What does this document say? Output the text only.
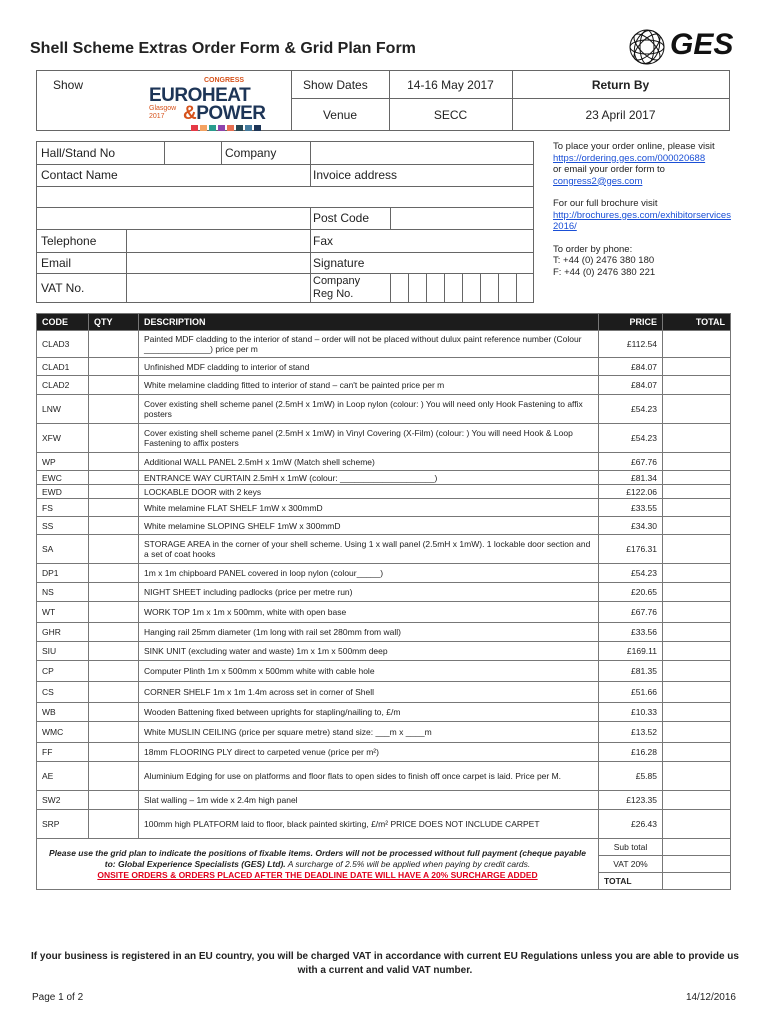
Shell Scheme Extras Order Form & Grid Plan Form	GES
Show	CONGRESS
EUROHEAT
Glasgow
2017 &POWER
Show Dates	14-16 May 2017	Return By
Venue	SECC	23 April 2017
Hall/Stand No	Company
Contact Name	Invoice address
Post Code
Telephone	Fax
Email	Signature
VAT No.	Company
Reg No.

To place your order online, please visit
https://ordering.ges.com/000020688
or email your order form to
congress2@ges.com

For our full brochure visit
http://brochures.ges.com/exhibitorservices2016/

To order by phone:
T: +44 (0) 2476 380 180
F: +44 (0) 2476 380 221

CODE	QTY	DESCRIPTION	PRICE	TOTAL
CLAD3		Painted MDF cladding to the interior of stand – order will not be placed without dulux paint reference number (Colour ______________) price per m	£112.54	
CLAD1		Unfinished MDF cladding to interior of stand	£84.07	
CLAD2		White melamine cladding fitted to interior of stand – can't be painted price per m	£84.07	
LNW		Cover existing shell scheme panel (2.5mH x 1mW) in Loop nylon (colour: ) You will need only Hook Fastening to affix posters	£54.23	
XFW		Cover existing shell scheme panel (2.5mH x 1mW) in Vinyl Covering (X-Film) (colour: ) You will need Hook & Loop Fastening to affix posters	£54.23	
WP		Additional WALL PANEL 2.5mH x 1mW (Match shell scheme)	£67.76	
EWC		ENTRANCE WAY CURTAIN 2.5mH x 1mW (colour: ____________________)	£81.34	
EWD		LOCKABLE DOOR with 2 keys	£122.06	
FS		White melamine FLAT SHELF 1mW x 300mmD	£33.55	
SS		White melamine SLOPING SHELF 1mW x 300mmD	£34.30	
SA		STORAGE AREA in the corner of your shell scheme. Using 1 x wall panel (2.5mH x 1mW). 1 lockable door section and a set of coat hooks	£176.31	
DP1		1m x 1m chipboard PANEL covered in loop nylon (colour_____)	£54.23	
NS		NIGHT SHEET including padlocks (price per metre run)	£20.65	
WT		WORK TOP 1m x 1m x 500mm, white with open base	£67.76	
GHR		Hanging rail 25mm diameter (1m long with rail set 280mm from wall)	£33.56	
SIU		SINK UNIT (excluding water and waste) 1m x 1m x 500mm deep	£169.11	
CP		Computer Plinth 1m x 500mm x 500mm white with cable hole	£81.35	
CS		CORNER SHELF 1m x 1m 1.4m across set in corner of Shell	£51.66	
WB		Wooden Battening fixed between uprights for stapling/nailing to, £/m	£10.33	
WMC		White MUSLIN CEILING (price per square metre) stand size: ___m x ____m	£13.52	
FF		18mm FLOORING PLY direct to carpeted venue (price per m²)	£16.28	
AE		Aluminium Edging for use on platforms and floor flats to open sides to finish off once carpet is laid. Price per M.	£5.85	
SW2		Slat walling – 1m wide x 2.4m high panel	£123.35	
SRP		100mm high PLATFORM laid to floor, black painted skirting, £/m² PRICE DOES NOT INCLUDE CARPET	£26.43	
Please use the grid plan to indicate the positions of fixable items. Orders will not be processed without full payment (cheque payable to: Global Experience Specialists (GES) Ltd). A surcharge of 2.5% will be applied when paying by credit cards.
ONSITE ORDERS & ORDERS PLACED AFTER THE DEADLINE DATE WILL HAVE A 20% SURCHARGE ADDED			Sub total	
			VAT 20%	
			TOTAL	
If your business is registered in an EU country, you will be charged VAT in accordance with current EU Regulations unless you are able to provide us with a current and valid VAT number.
Page 1 of 2	14/12/2016
